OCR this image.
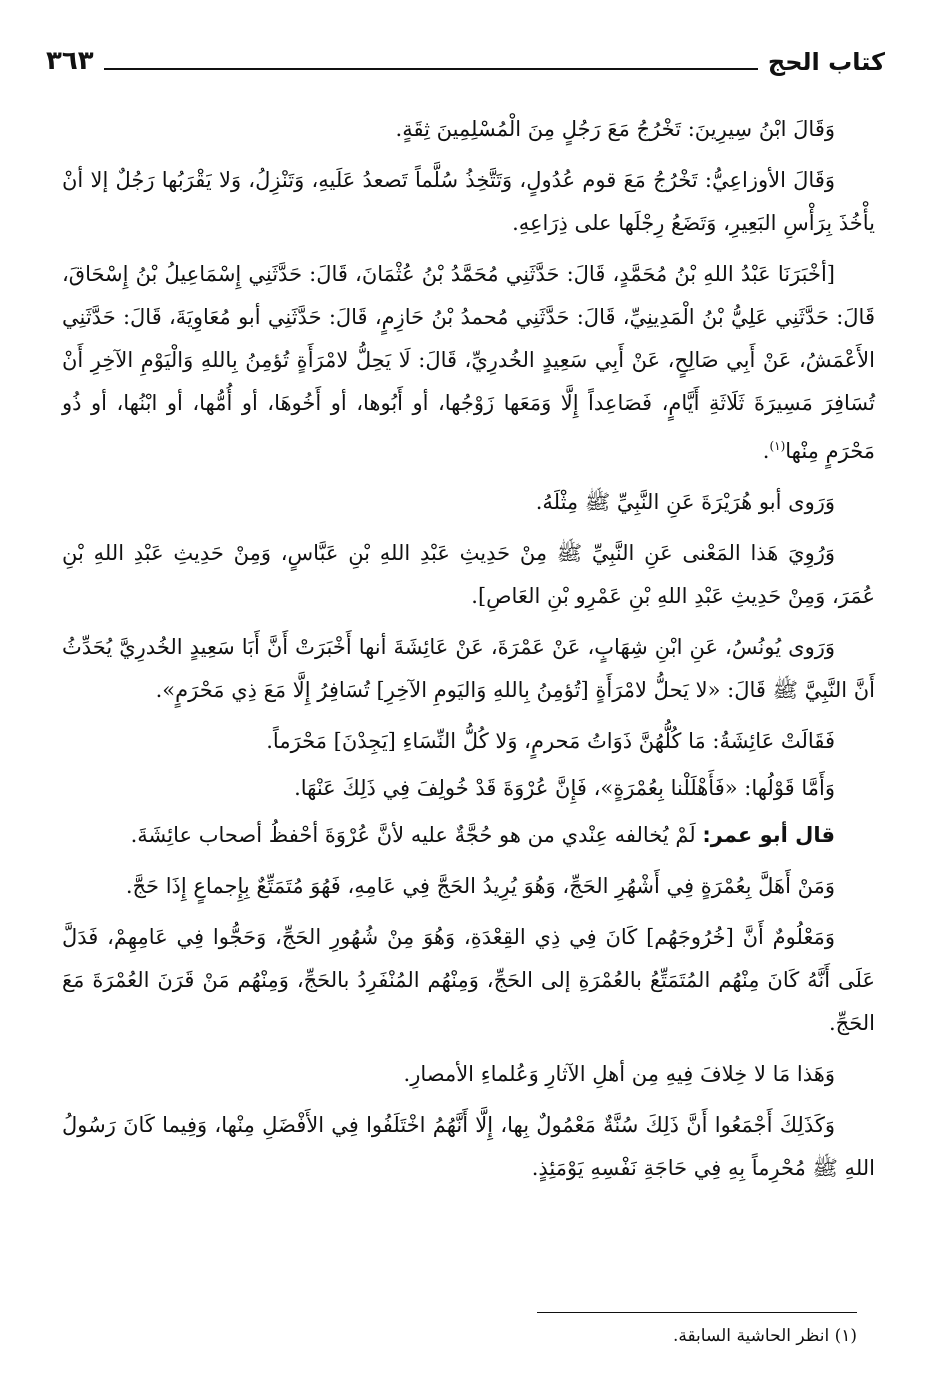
كتاب الحج
٣٦٣

وَقَالَ ابْنُ سِيرِينَ: تَخْرُجُ مَعَ رَجُلٍ مِنَ الْمُسْلِمِينَ ثِقَةٍ.

وَقَالَ الأوزاعِيُّ: تَخْرُجُ مَعَ قوم عُدُولٍ، وَتَتَّخِذُ سُلَّماً تَصعدُ عَلَيهِ، وَتَنْزِلُ، وَلا يَقْرَبُها رَجُلٌ إلا أنْ يأْخُذَ بِرَأْسِ البَعِيرِ، وَتَضَعُ رِجْلَها على ذِرَاعِهِ.

[أخْبَرَنَا عَبْدُ اللهِ بْنُ مُحَمَّدٍ، قَالَ: حَدَّثَنِي مُحَمَّدُ بْنُ عُثْمَانَ، قَالَ: حَدَّثَنِي إِسْمَاعِيلُ بْنُ إِسْحَاقَ، قَالَ: حَدَّثَنِي عَلِيُّ بْنُ الْمَدِينِيِّ، قَالَ: حَدَّثَنِي مُحمدُ بْنُ حَازِمٍ، قَالَ: حَدَّثَنِي أبو مُعَاوِيَةَ، قَالَ: حَدَّثَنِي الأَعْمَشُ، عَنْ أَبِي صَالِحٍ، عَنْ أَبِي سَعِيدٍ الخُدرِيِّ، قَالَ: لَا يَحِلُّ لامْرَأَةٍ تُؤمِنُ بِاللهِ وَالْيَوْمِ الآخِرِ أَنْ تُسَافِرَ مَسِيرَةَ ثَلَاثَةِ أَيَّامٍ، فَصَاعِداً إِلَّا وَمَعَها زَوْجُها، أو أَبُوها، أو أَخُوهَا، أو أُمُّها، أو ابْنُها، أو ذُو مَحْرَمٍ مِنْها$^{(١)}$.

وَرَوى أبو هُرَيْرَةَ عَنِ النَّبِيِّ ﷺ مِثْلَهُ.

وَرُوِيَ هَذا المَعْنى عَنِ النَّبِيِّ ﷺ مِنْ حَدِيثِ عَبْدِ اللهِ بْنِ عَبَّاسٍ، وَمِنْ حَدِيثِ عَبْدِ اللهِ بْنِ عُمَرَ، وَمِنْ حَدِيثِ عَبْدِ اللهِ بْنِ عَمْرِو بْنِ العَاصِ].

وَرَوى يُونُسُ، عَنِ ابْنِ شِهَابٍ، عَنْ عَمْرَةَ، عَنْ عَائِشَةَ أنها أَخْبَرَتْ أَنَّ أَبَا سَعِيدٍ الخُدرِيَّ يُحَدِّثُ أَنَّ النَّبِيَّ ﷺ قَالَ: «لا يَحلُّ لامْرَأَةٍ [تُؤمِنُ بِاللهِ وَاليَومِ الآخِرِ] تُسَافِرُ إِلَّا مَعَ ذِي مَحْرَمٍ».

فَقَالَتْ عَائِشَةُ: مَا كُلُّهُنَّ ذَوَاتُ مَحرمٍ، وَلا كُلُّ النِّسَاءِ [يَجِدْنَ] مَحْرَماً.

وَأَمَّا قَوْلُها: «فَأَهْلَلْنا بِعُمْرَةٍ»، فَإِنَّ عُرْوَةَ قَدْ خُولِفَ فِي ذَلِكَ عَنْهَا.

قال أبو عمر: لَمْ يُخالفه عِنْدي من هو حُجَّةٌ عليه لأنَّ عُرْوَةَ أحْفظُ أصحاب عائِشَةَ.

وَمَنْ أَهَلَّ بِعُمْرَةٍ فِي أَشْهُرِ الحَجِّ، وَهُوَ يُرِيدُ الحَجَّ فِي عَامِهِ، فَهُوَ مُتَمَتِّعٌ بِإِجماعٍ إِذَا حَجَّ.

وَمَعْلُومٌ أَنَّ [خُرُوجَهُم] كَانَ فِي ذِي القِعْدَةِ، وَهُوَ مِنْ شُهُورِ الحَجِّ، وَحَجُّوا فِي عَامِهِمْ، فَدَلَّ عَلَى أَنَّهُ كَانَ مِنْهُم المُتَمَتِّعُ بالعُمْرَةِ إلى الحَجِّ، وَمِنْهُم المُنْفَرِدُ بالحَجِّ، وَمِنْهُم مَنْ قَرَنَ العُمْرَةَ مَعَ الحَجِّ.

وَهَذا مَا لا خِلافَ فِيهِ مِن أهلِ الآثارِ وَعُلماءِ الأمصارِ.

وَكَذَلِكَ أَجْمَعُوا أَنَّ ذَلِكَ سُنَّةٌ مَعْمُولٌ بِها، إِلَّا أَنَّهُمُ اخْتَلَفُوا فِي الأَفْضَلِ مِنْها، وَفِيما كَانَ رَسُولُ اللهِ ﷺ مُحْرِماً بِهِ فِي حَاجَةِ نَفْسِهِ يَوْمَئِذٍ.

(١) انظر الحاشية السابقة.
